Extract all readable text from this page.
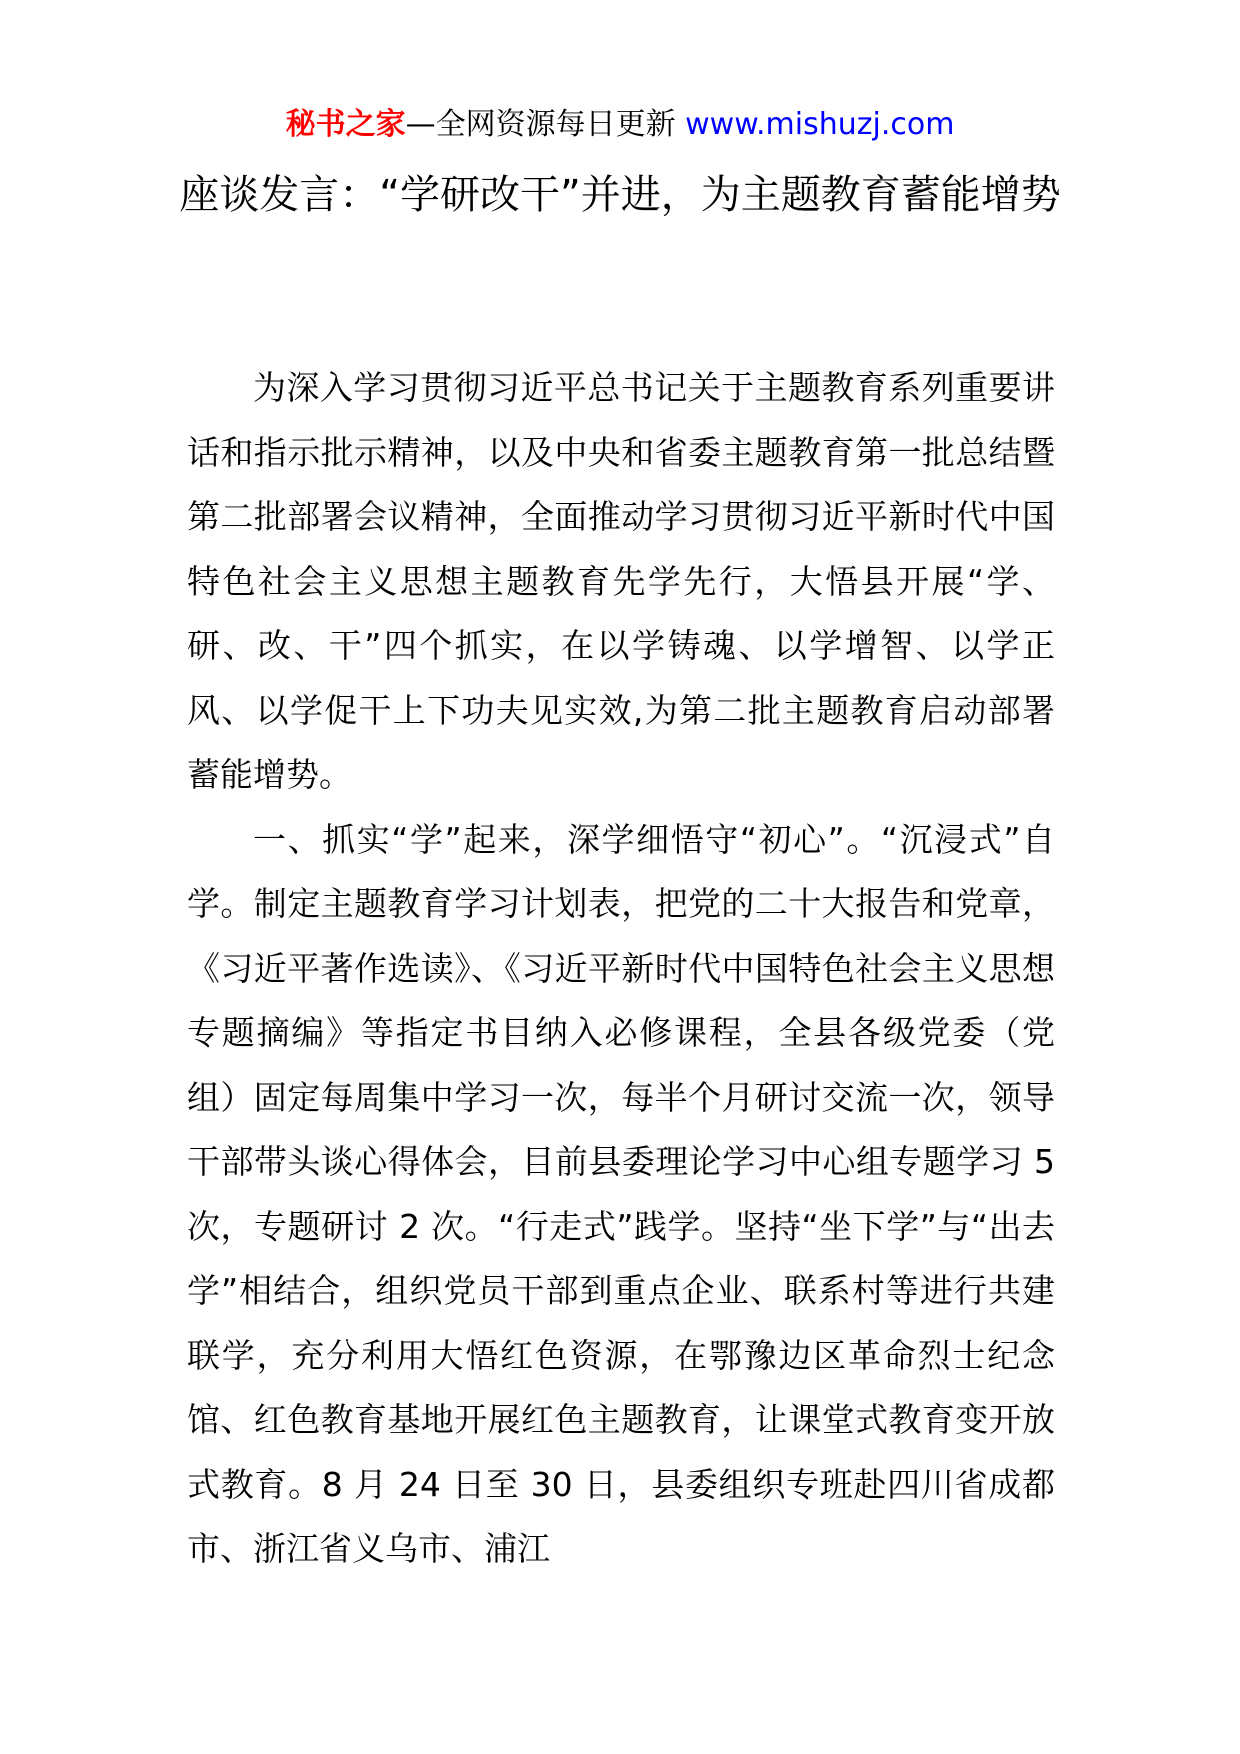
秘书之家—全网资源每日更新 www.mishuzj.com
座谈发言：“学研改干”并进，为主题教育蓄能增势

为深入学习贯彻习近平总书记关于主题教育系列重要讲话和指示批示精神，以及中央和省委主题教育第一批总结暨第二批部署会议精神，全面推动学习贯彻习近平新时代中国特色社会主义思想主题教育先学先行，大悟县开展“学、研、改、干”四个抓实，在以学铸魂、以学增智、以学正风、以学促干上下功夫见实效,为第二批主题教育启动部署蓄能增势。

一、抓实“学”起来，深学细悟守“初心”。“沉浸式”自学。制定主题教育学习计划表，把党的二十大报告和党章，《习近平著作选读》、《习近平新时代中国特色社会主义思想专题摘编》等指定书目纳入必修课程，全县各级党委（党组）固定每周集中学习一次，每半个月研讨交流一次，领导干部带头谈心得体会，目前县委理论学习中心组专题学习 5 次，专题研讨 2 次。“行走式”践学。坚持“坐下学”与“出去学”相结合，组织党员干部到重点企业、联系村等进行共建联学，充分利用大悟红色资源，在鄂豫边区革命烈士纪念馆、红色教育基地开展红色主题教育，让课堂式教育变开放式教育。8 月 24 日至 30 日，县委组织专班赴四川省成都市、浙江省义乌市、浦江
